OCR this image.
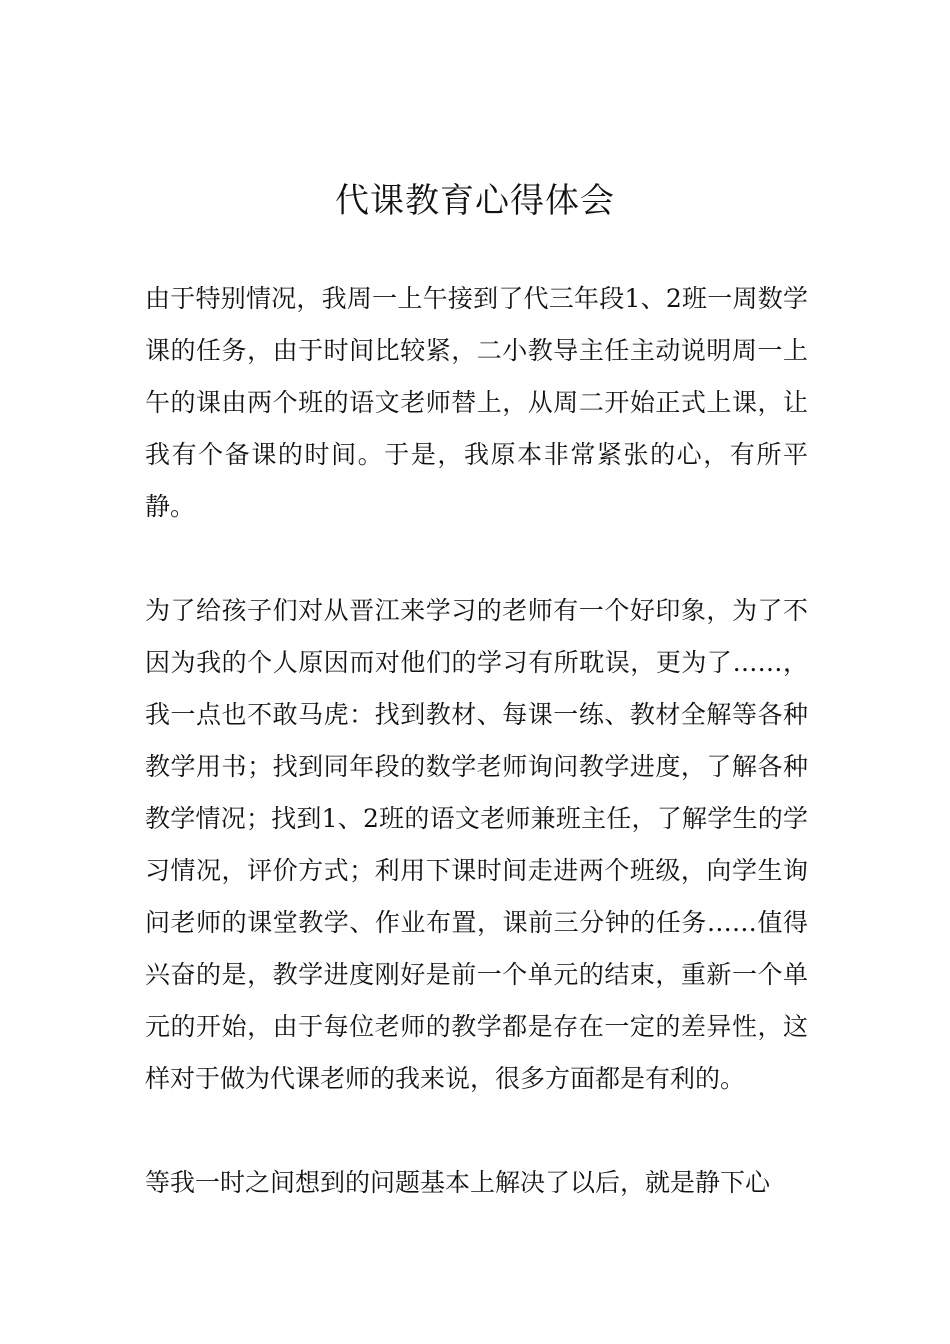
代课教育心得体会

由于特别情况，我周一上午接到了代三年段1、2班一周数学课的任务，由于时间比较紧，二小教导主任主动说明周一上午的课由两个班的语文老师替上，从周二开始正式上课，让我有个备课的时间。于是，我原本非常紧张的心，有所平静。

为了给孩子们对从晋江来学习的老师有一个好印象，为了不因为我的个人原因而对他们的学习有所耽误，更为了……，我一点也不敢马虎：找到教材、每课一练、教材全解等各种教学用书；找到同年段的数学老师询问教学进度，了解各种教学情况；找到1、2班的语文老师兼班主任，了解学生的学习情况，评价方式；利用下课时间走进两个班级，向学生询问老师的课堂教学、作业布置，课前三分钟的任务……值得兴奋的是，教学进度刚好是前一个单元的结束，重新一个单元的开始，由于每位老师的教学都是存在一定的差异性，这样对于做为代课老师的我来说，很多方面都是有利的。

等我一时之间想到的问题基本上解决了以后，就是静下心
